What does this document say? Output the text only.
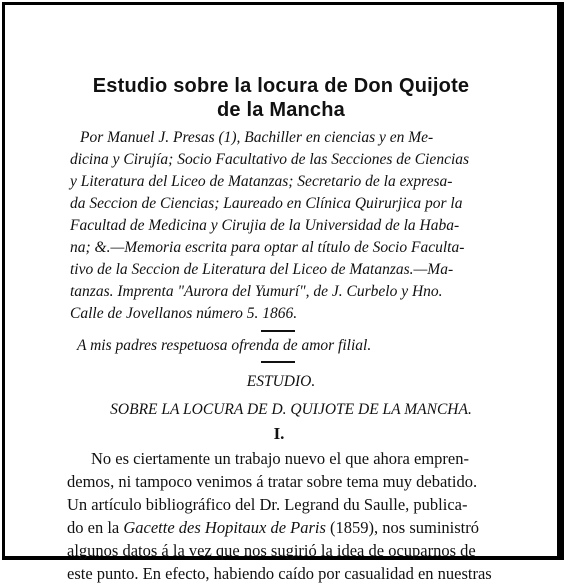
Estudio sobre la locura de Don Quijote
de la Mancha
Por Manuel J. Presas (1), Bachiller en ciencias y en Me-
dicina y Cirujía; Socio Facultativo de las Secciones de Ciencias
y Literatura del Liceo de Matanzas; Secretario de la expresa-
da Seccion de Ciencias; Laureado en Clínica Quirurjica por la
Facultad de Medicina y Cirujia de la Universidad de la Haba-
na; &.—Memoria escrita para optar al título de Socio Faculta-
tivo de la Seccion de Literatura del Liceo de Matanzas.—Ma-
tanzas. Imprenta "Aurora del Yumurí", de J. Curbelo y Hno.
Calle de Jovellanos número 5. 1866.
A mis padres respetuosa ofrenda de amor filial.
ESTUDIO.
SOBRE LA LOCURA DE D. QUIJOTE DE LA MANCHA.
I.
No es ciertamente un trabajo nuevo el que ahora empren-
demos, ni tampoco venimos á tratar sobre tema muy debatido.
Un artículo bibliográfico del Dr. Legrand du Saulle, publica-
do en la Gacette des Hopitaux de Paris (1859), nos suministró
algunos datos á la vez que nos sugirió la idea de ocuparnos de
este punto. En efecto, habiendo caído por casualidad en nuestras
